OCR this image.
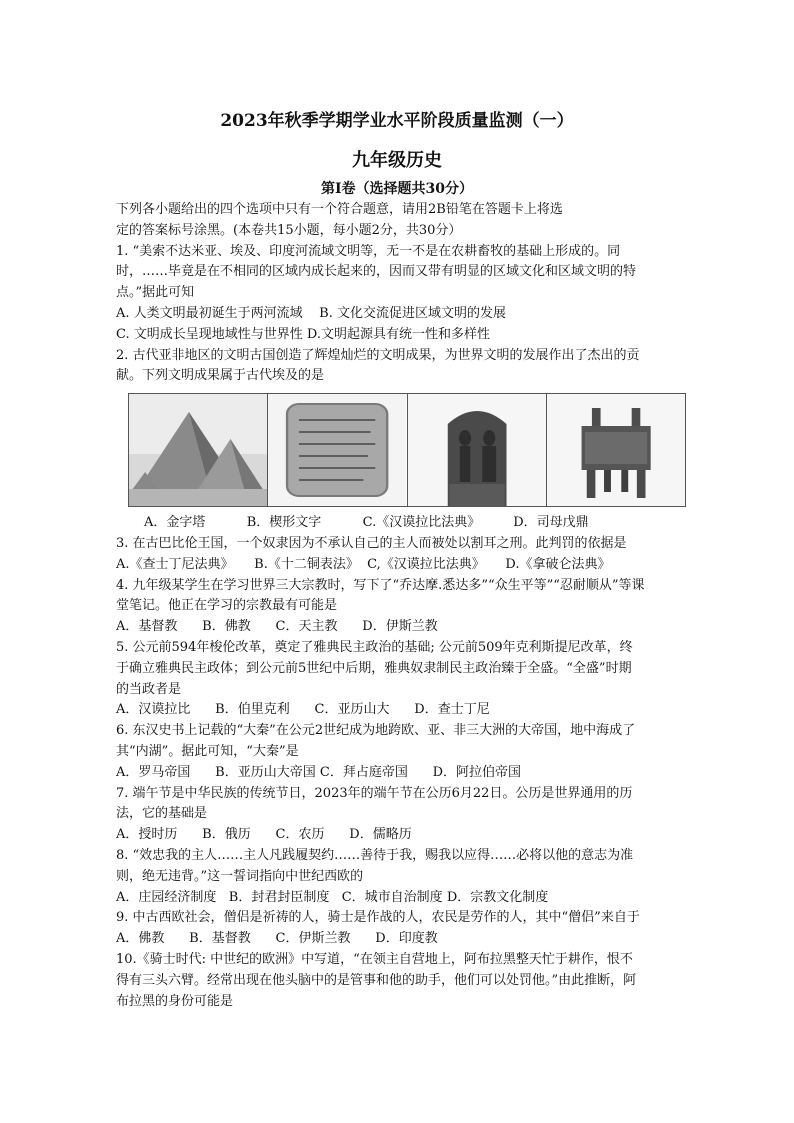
2023年秋季学期学业水平阶段质量监测（一）
九年级历史
第Ⅰ卷（选择题共30分）
下列各小题给出的四个选项中只有一个符合题意，请用2B铅笔在答题卡上将选
定的答案标号涂黑。(本卷共15小题，每小题2分，共30分）
1. “美索不达米亚、埃及、印度河流域文明等，无一不是在农耕畜牧的基础上形成的。同
时，……毕竟是在不相同的区域内成长起来的，因而又带有明显的区域文化和区域文明的特
点。”据此可知
A. 人类文明最初诞生于两河流域    B. 文化交流促进区域文明的发展
C. 文明成长呈现地域性与世界性 D.文明起源具有统一性和多样性
2. 古代亚非地区的文明古国创造了辉煌灿烂的文明成果，为世界文明的发展作出了杰出的贡
献。下列文明成果属于古代埃及的是
A．金字塔          B．楔形文字          C.《汉谟拉比法典》        D．司母戊鼎
3. 在古巴比伦王国，一个奴隶因为不承认自己的主人而被处以割耳之刑。此判罚的依据是
A.《查士丁尼法典》     B.《十二铜表法》  C,《汉谟拉比法典》     D.《拿破仑法典》
4. 九年级某学生在学习世界三大宗教时，写下了“乔达摩.悉达多”“众生平等”“忍耐顺从”等课
堂笔记。他正在学习的宗教最有可能是
A．基督教      B．佛教      C．天主教      D．伊斯兰教
5. 公元前594年梭伦改革，奠定了雅典民主政治的基础; 公元前509年克利斯提尼改革，终
于确立雅典民主政体；到公元前5世纪中后期，雅典奴隶制民主政治臻于全盛。“全盛”时期
的当政者是
A．汉谟拉比      B．伯里克利      C．亚历山大      D．查士丁尼
6. 东汉史书上记载的“大秦”在公元2世纪成为地跨欧、亚、非三大洲的大帝国，地中海成了
其“内湖”。据此可知，“大秦”是
A．罗马帝国      B．亚历山大帝国 C．拜占庭帝国      D．阿拉伯帝国
7. 端午节是中华民族的传统节日，2023年的端午节在公历6月22日。公历是世界通用的历
法，它的基础是
A．授时历      B．俄历      C．农历      D．儒略历
8. “效忠我的主人……主人凡践履契约……善待于我，赐我以应得……必将以他的意志为准
则，绝无违背。”这一誓词指向中世纪西欧的
A．庄园经济制度   B．封君封臣制度   C．城市自治制度 D．宗教文化制度
9. 中古西欧社会，僧侣是祈祷的人，骑士是作战的人，农民是劳作的人，其中“僧侣”来自于
A．佛教      B．基督教      C．伊斯兰教      D．印度教
10.《骑士时代: 中世纪的欧洲》中写道，“在领主自营地上，阿布拉黑整天忙于耕作，恨不
得有三头六臂。经常出现在他头脑中的是管事和他的助手，他们可以处罚他。”由此推断，阿
布拉黑的身份可能是
